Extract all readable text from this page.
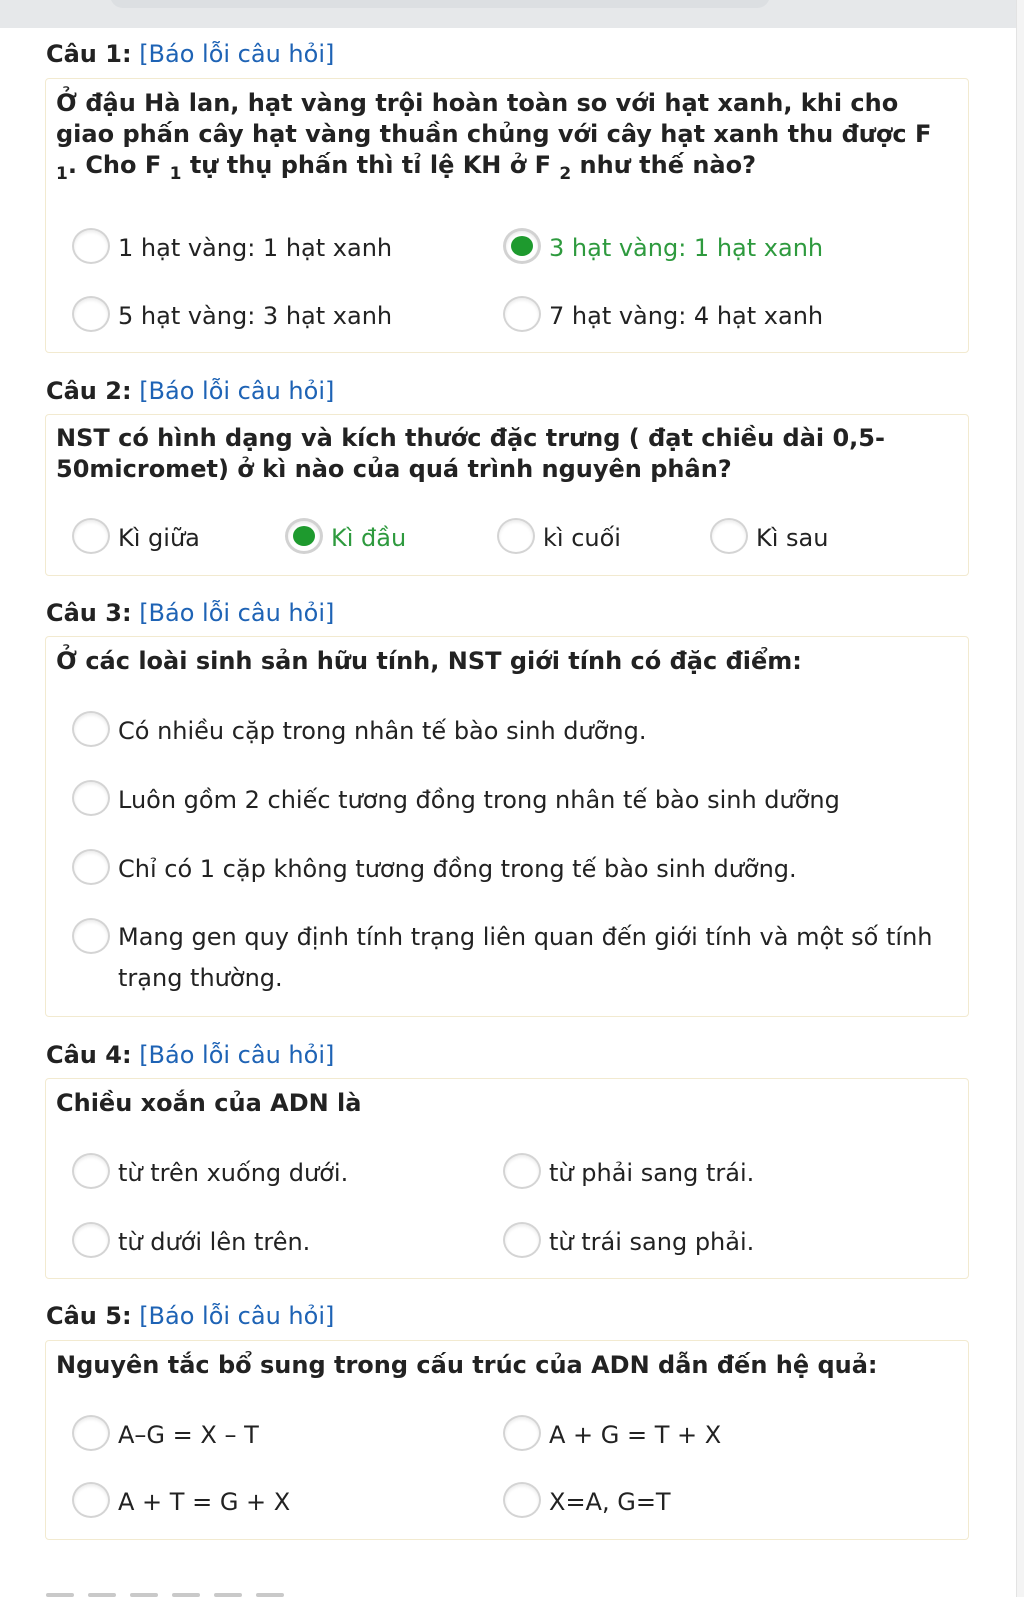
Câu 1: [Báo lỗi câu hỏi]
Ở đậu Hà lan, hạt vàng trội hoàn toàn so với hạt xanh, khi cho giao phấn cây hạt vàng thuần chủng với cây hạt xanh thu được F $_1$. Cho F $_1$ tự thụ phấn thì tỉ lệ KH ở F $_2$ như thế nào?
1 hạt vàng: 1 hạt xanh	3 hạt vàng: 1 hạt xanh
5 hạt vàng: 3 hạt xanh	7 hạt vàng: 4 hạt xanh
Câu 2: [Báo lỗi câu hỏi]
NST có hình dạng và kích thước đặc trưng ( đạt chiều dài 0,5-50micromet) ở kì nào của quá trình nguyên phân?
Kì giữa	Kì đầu	kì cuối	Kì sau
Câu 3: [Báo lỗi câu hỏi]
Ở các loài sinh sản hữu tính, NST giới tính có đặc điểm:
Có nhiều cặp trong nhân tế bào sinh dưỡng.
Luôn gồm 2 chiếc tương đồng trong nhân tế bào sinh dưỡng
Chỉ có 1 cặp không tương đồng trong tế bào sinh dưỡng.
Mang gen quy định tính trạng liên quan đến giới tính và một số tính trạng thường.
Câu 4: [Báo lỗi câu hỏi]
Chiều xoắn của ADN là
từ trên xuống dưới.	từ phải sang trái.
từ dưới lên trên.	từ trái sang phải.
Câu 5: [Báo lỗi câu hỏi]
Nguyên tắc bổ sung trong cấu trúc của ADN dẫn đến hệ quả:
A–G = X – T	A + G = T + X
A + T = G + X	X=A, G=T
